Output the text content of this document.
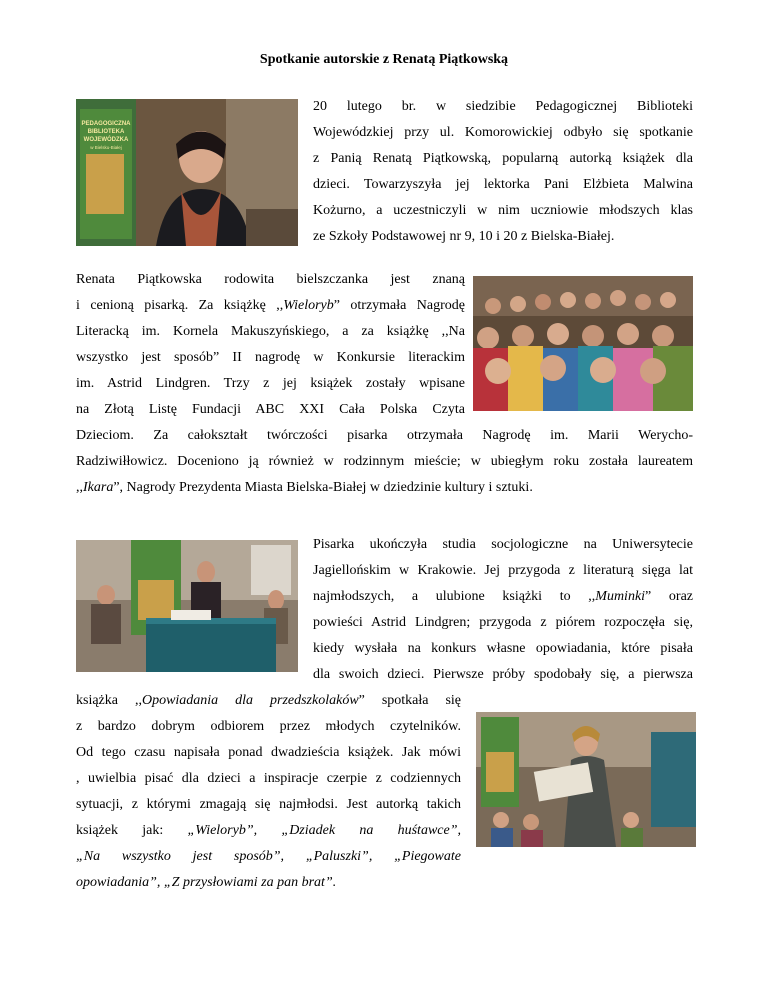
Spotkanie autorskie z Renatą Piątkowską
PEDAGOGICZNA
BIBLIOTEKA
WOJEWÓDZKA
w Bielsku-Białej
20 lutego br. w siedzibie Pedagogicznej Biblioteki
Wojewódzkiej przy ul. Komorowickiej odbyło się spotkanie
z Panią Renatą Piątkowską, popularną autorką książek dla
dzieci. Towarzyszyła jej lektorka Pani Elżbieta Malwina
Kożurno, a uczestniczyli w nim uczniowie młodszych klas
ze Szkoły Podstawowej nr 9, 10 i 20 z Bielska-Białej.
Renata Piątkowska rodowita bielszczanka jest znaną
i cenioną pisarką. Za książkę ,,Wieloryb” otrzymała Nagrodę
Literacką im. Kornela Makuszyńskiego, a za książkę ,,Na
wszystko jest sposób” II nagrodę w Konkursie literackim
im. Astrid Lindgren. Trzy z jej książek zostały wpisane
na Złotą Listę Fundacji ABC XXI Cała Polska Czyta
Dzieciom. Za całokształt twórczości pisarka otrzymała Nagrodę im. Marii Werycho-
Radziwiłłowicz. Doceniono ją również w rodzinnym mieście; w ubiegłym roku została laureatem
,,Ikara”, Nagrody Prezydenta Miasta Bielska-Białej w dziedzinie kultury i sztuki.
Pisarka ukończyła studia socjologiczne na Uniwersytecie
Jagiellońskim w Krakowie. Jej przygoda z literaturą sięga lat
najmłodszych, a ulubione książki to ,,Muminki” oraz
powieści Astrid Lindgren; przygoda z piórem rozpoczęła się,
kiedy wysłała na konkurs własne opowiadania, które pisała
dla swoich dzieci. Pierwsze próby spodobały się, a pierwsza
książka ,,Opowiadania dla przedszkolaków” spotkała się
z bardzo dobrym odbiorem przez młodych czytelników.
Od tego czasu napisała ponad dwadzieścia książek. Jak mówi
, uwielbia pisać dla dzieci a inspiracje czerpie z codziennych
sytuacji, z którymi zmagają się najmłodsi. Jest autorką takich
książek jak: „Wieloryb”, „Dziadek na huśtawce”,
„Na wszystko jest sposób”, „Paluszki”, „Piegowate
opowiadania”, „Z przysłowiami za pan brat”.
